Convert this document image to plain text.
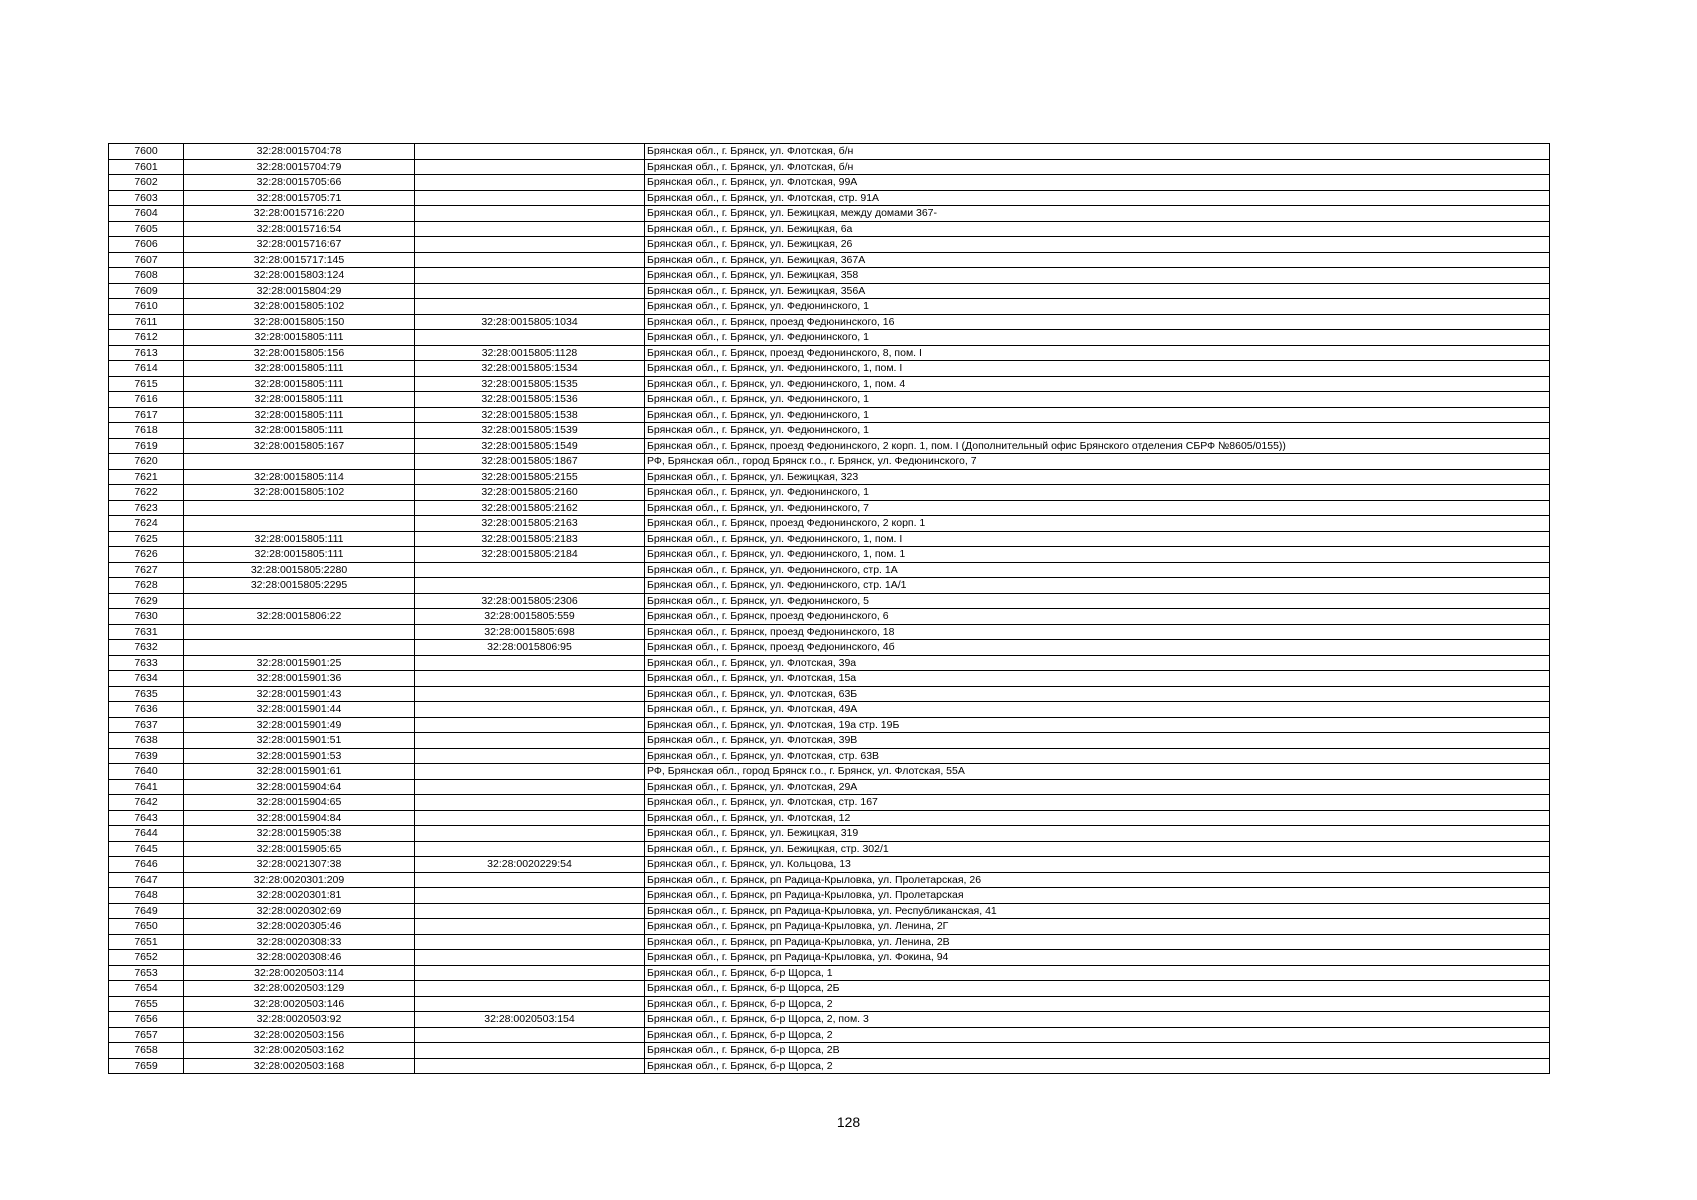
7600	32:28:0015704:78		Брянская обл., г. Брянск, ул. Флотская, б/н
7601	32:28:0015704:79		Брянская обл., г. Брянск, ул. Флотская, б/н
7602	32:28:0015705:66		Брянская обл., г. Брянск, ул. Флотская, 99А
7603	32:28:0015705:71		Брянская обл., г. Брянск, ул. Флотская, стр. 91А
7604	32:28:0015716:220		Брянская обл., г. Брянск, ул. Бежицкая, между домами 367-
7605	32:28:0015716:54		Брянская обл., г. Брянск, ул. Бежицкая, 6а
7606	32:28:0015716:67		Брянская обл., г. Брянск, ул. Бежицкая, 26
7607	32:28:0015717:145		Брянская обл., г. Брянск, ул. Бежицкая, 367А
7608	32:28:0015803:124		Брянская обл., г. Брянск, ул. Бежицкая, 358
7609	32:28:0015804:29		Брянская обл., г. Брянск, ул. Бежицкая, 356А
7610	32:28:0015805:102		Брянская обл., г. Брянск, ул. Федюнинского, 1
7611	32:28:0015805:150	32:28:0015805:1034	Брянская обл., г. Брянск, проезд Федюнинского, 16
7612	32:28:0015805:111		Брянская обл., г. Брянск, ул. Федюнинского, 1
7613	32:28:0015805:156	32:28:0015805:1128	Брянская обл., г. Брянск, проезд Федюнинского, 8, пом. I
7614	32:28:0015805:111	32:28:0015805:1534	Брянская обл., г. Брянск, ул. Федюнинского, 1, пом. I
7615	32:28:0015805:111	32:28:0015805:1535	Брянская обл., г. Брянск, ул. Федюнинского, 1, пом. 4
7616	32:28:0015805:111	32:28:0015805:1536	Брянская обл., г. Брянск, ул. Федюнинского, 1
7617	32:28:0015805:111	32:28:0015805:1538	Брянская обл., г. Брянск, ул. Федюнинского, 1
7618	32:28:0015805:111	32:28:0015805:1539	Брянская обл., г. Брянск, ул. Федюнинского, 1
7619	32:28:0015805:167	32:28:0015805:1549	Брянская обл., г. Брянск, проезд Федюнинского, 2 корп. 1, пом. I (Дополнительный офис Брянского отделения СБРФ №8605/0155))
7620		32:28:0015805:1867	РФ, Брянская обл., город Брянск г.о., г. Брянск, ул. Федюнинского, 7
7621	32:28:0015805:114	32:28:0015805:2155	Брянская обл., г. Брянск, ул. Бежицкая, 323
7622	32:28:0015805:102	32:28:0015805:2160	Брянская обл., г. Брянск, ул. Федюнинского, 1
7623		32:28:0015805:2162	Брянская обл., г. Брянск, ул. Федюнинского, 7
7624		32:28:0015805:2163	Брянская обл., г. Брянск, проезд Федюнинского, 2 корп. 1
7625	32:28:0015805:111	32:28:0015805:2183	Брянская обл., г. Брянск, ул. Федюнинского, 1, пом. I
7626	32:28:0015805:111	32:28:0015805:2184	Брянская обл., г. Брянск, ул. Федюнинского, 1, пом. 1
7627	32:28:0015805:2280		Брянская обл., г. Брянск, ул. Федюнинского, стр. 1А
7628	32:28:0015805:2295		Брянская обл., г. Брянск, ул. Федюнинского, стр. 1А/1
7629		32:28:0015805:2306	Брянская обл., г. Брянск, ул. Федюнинского, 5
7630	32:28:0015806:22	32:28:0015805:559	Брянская обл., г. Брянск, проезд Федюнинского, 6
7631		32:28:0015805:698	Брянская обл., г. Брянск, проезд Федюнинского, 18
7632		32:28:0015806:95	Брянская обл., г. Брянск, проезд Федюнинского, 4б
7633	32:28:0015901:25		Брянская обл., г. Брянск, ул. Флотская, 39а
7634	32:28:0015901:36		Брянская обл., г. Брянск, ул. Флотская, 15а
7635	32:28:0015901:43		Брянская обл., г. Брянск, ул. Флотская, 63Б
7636	32:28:0015901:44		Брянская обл., г. Брянск, ул. Флотская, 49А
7637	32:28:0015901:49		Брянская обл., г. Брянск, ул. Флотская, 19а стр. 19Б
7638	32:28:0015901:51		Брянская обл., г. Брянск, ул. Флотская, 39В
7639	32:28:0015901:53		Брянская обл., г. Брянск, ул. Флотская, стр. 63В
7640	32:28:0015901:61		РФ, Брянская обл., город Брянск г.о., г. Брянск, ул. Флотская, 55А
7641	32:28:0015904:64		Брянская обл., г. Брянск, ул. Флотская, 29А
7642	32:28:0015904:65		Брянская обл., г. Брянск, ул. Флотская, стр. 167
7643	32:28:0015904:84		Брянская обл., г. Брянск, ул. Флотская, 12
7644	32:28:0015905:38		Брянская обл., г. Брянск, ул. Бежицкая, 319
7645	32:28:0015905:65		Брянская обл., г. Брянск, ул. Бежицкая, стр. 302/1
7646	32:28:0021307:38	32:28:0020229:54	Брянская обл., г. Брянск, ул. Кольцова, 13
7647	32:28:0020301:209		Брянская обл., г. Брянск, рп Радица-Крыловка, ул. Пролетарская, 26
7648	32:28:0020301:81		Брянская обл., г. Брянск, рп Радица-Крыловка, ул. Пролетарская
7649	32:28:0020302:69		Брянская обл., г. Брянск, рп Радица-Крыловка, ул. Республиканская, 41
7650	32:28:0020305:46		Брянская обл., г. Брянск, рп Радица-Крыловка, ул. Ленина, 2Г
7651	32:28:0020308:33		Брянская обл., г. Брянск, рп Радица-Крыловка, ул. Ленина, 2В
7652	32:28:0020308:46		Брянская обл., г. Брянск, рп Радица-Крыловка, ул. Фокина, 94
7653	32:28:0020503:114		Брянская обл., г. Брянск, б-р Щорса, 1
7654	32:28:0020503:129		Брянская обл., г. Брянск, б-р Щорса, 2Б
7655	32:28:0020503:146		Брянская обл., г. Брянск, б-р Щорса, 2
7656	32:28:0020503:92	32:28:0020503:154	Брянская обл., г. Брянск, б-р Щорса, 2, пом. 3
7657	32:28:0020503:156		Брянская обл., г. Брянск, б-р Щорса, 2
7658	32:28:0020503:162		Брянская обл., г. Брянск, б-р Щорса, 2В
7659	32:28:0020503:168		Брянская обл., г. Брянск, б-р Щорса, 2
128
